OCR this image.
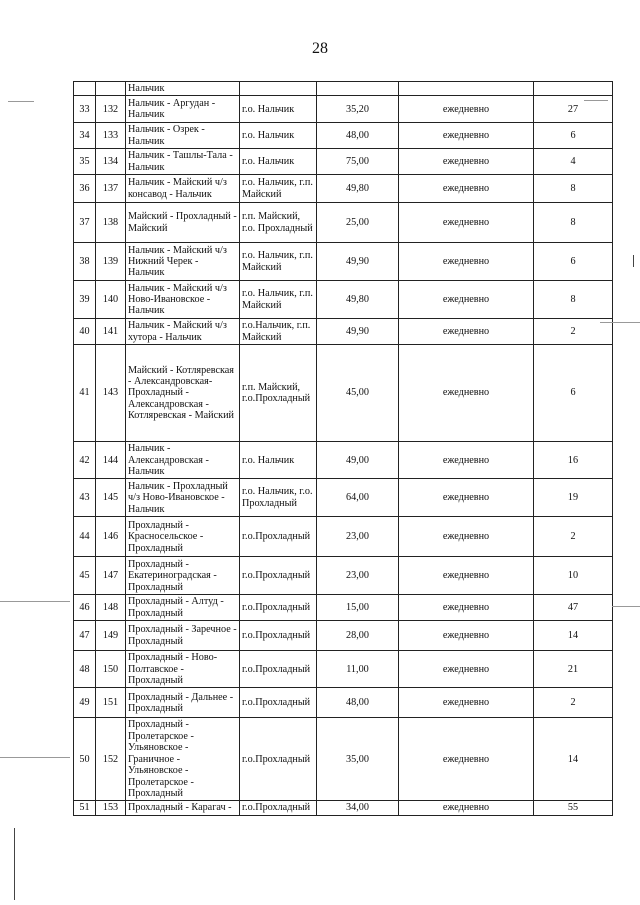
28
		Нальчик				
33	132	Нальчик - Аргудан - Нальчик	г.о. Нальчик	35,20	ежедневно	27
34	133	Нальчик - Озрек - Нальчик	г.о. Нальчик	48,00	ежедневно	6
35	134	Нальчик - Ташлы-Тала - Нальчик	г.о. Нальчик	75,00	ежедневно	4
36	137	Нальчик - Майский ч/з консавод - Нальчик	г.о. Нальчик, г.п. Майский	49,80	ежедневно	8
37	138	Майский - Прохладный - Майский	г.п. Майский, г.о. Прохладный	25,00	ежедневно	8
38	139	Нальчик - Майский ч/з Нижний Черек - Нальчик	г.о. Нальчик, г.п. Майский	49,90	ежедневно	6
39	140	Нальчик - Майский ч/з Ново-Ивановское - Нальчик	г.о. Нальчик, г.п. Майский	49,80	ежедневно	8
40	141	Нальчик - Майский ч/з хутора - Нальчик	г.о.Нальчик, г.п. Майский	49,90	ежедневно	2
41	143	Майский - Котляревская - Александровская- Прохладный - Александровская - Котляревская - Майский	г.п. Майский, г.о.Прохладный	45,00	ежедневно	6
42	144	Нальчик - Александровская - Нальчик	г.о. Нальчик	49,00	ежедневно	16
43	145	Нальчик - Прохладный ч/з Ново-Ивановское - Нальчик	г.о. Нальчик, г.о. Прохладный	64,00	ежедневно	19
44	146	Прохладный - Красносельское - Прохладный	г.о.Прохладный	23,00	ежедневно	2
45	147	Прохладный - Екатериноградская - Прохладный	г.о.Прохладный	23,00	ежедневно	10
46	148	Прохладный - Алтуд - Прохладный	г.о.Прохладный	15,00	ежедневно	47
47	149	Прохладный - Заречное - Прохладный	г.о.Прохладный	28,00	ежедневно	14
48	150	Прохладный - Ново-Полтавское - Прохладный	г.о.Прохладный	11,00	ежедневно	21
49	151	Прохладный - Дальнее - Прохладный	г.о.Прохладный	48,00	ежедневно	2
50	152	Прохладный - Пролетарское - Ульяновское - Граничное - Ульяновское - Пролетарское - Прохладный	г.о.Прохладный	35,00	ежедневно	14
51	153	Прохладный - Карагач -	г.о.Прохладный	34,00	ежедневно	55
